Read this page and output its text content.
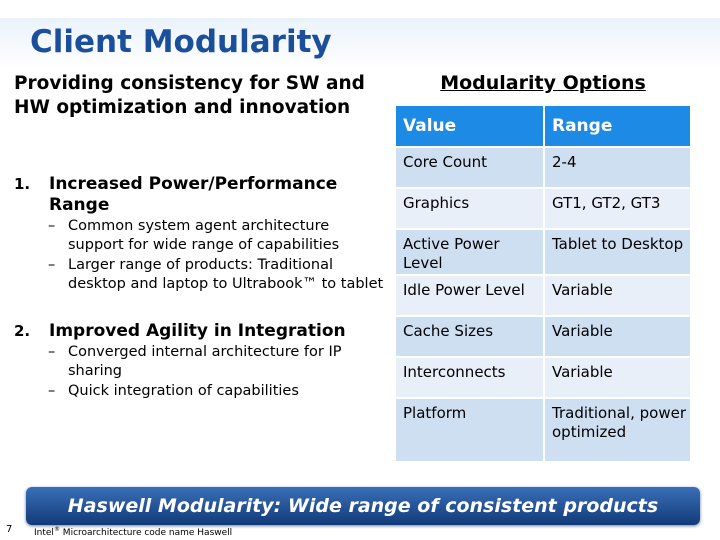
Client Modularity

Providing consistency for SW and HW optimization and innovation

1.	Increased Power/Performance Range
– Common system agent architecture support for wide range of capabilities
– Larger range of products: Traditional desktop and laptop to Ultrabook™ to tablet
2.	Improved Agility in Integration
– Converged internal architecture for IP sharing
– Quick integration of capabilities
Modularity Options
Value	Range
Core Count	2-4
Graphics	GT1, GT2, GT3
Active Power Level	Tablet to Desktop
Idle Power Level	Variable
Cache Sizes	Variable
Interconnects	Variable
Platform	Traditional, power optimized
Haswell Modularity: Wide range of consistent products
7 Intel® Microarchitecture code name Haswell
